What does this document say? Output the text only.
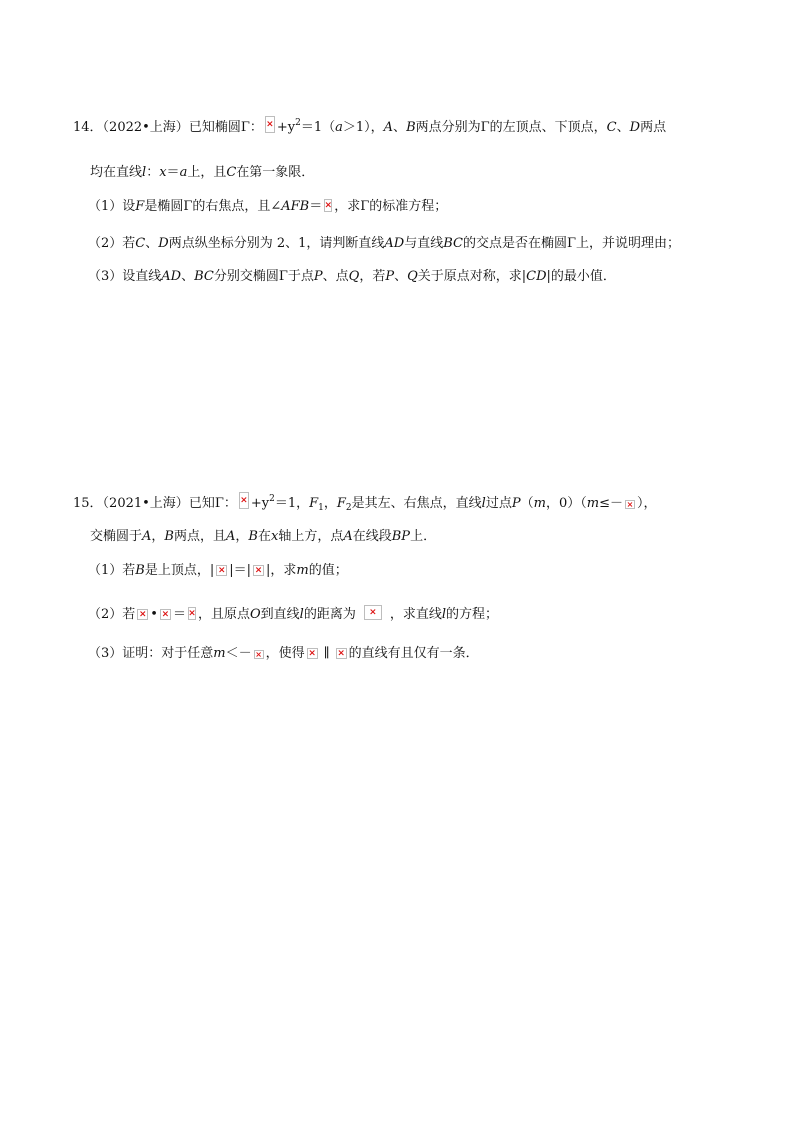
14．（2022•上海）已知椭圆Γ： × $+y^2=1(a>1)$，A、B两点分别为Γ的左顶点、下顶点，C、D两点
均在直线l：x＝a上，且C在第一象限．
（1）设F是椭圆Γ的右焦点，且∠AFB＝ × ，求Γ的标准方程；
（2）若C、D两点纵坐标分别为 2、1，请判断直线AD与直线BC的交点是否在椭圆Γ上，并说明理由；
（3）设直线AD、BC分别交椭圆Γ于点P、点Q，若P、Q关于原点对称，求|CD|的最小值．
15．（2021•上海）已知Γ： × $+y^2=1$，$F_1$，$F_2$是其左、右焦点，直线l过点P（m，0）（m≤－ × ），
交椭圆于A，B两点，且A，B在x轴上方，点A在线段BP上．
（1）若B是上顶点，| × |＝| × |，求m的值；
（2）若 × • × ＝ × ，且原点O到直线l的距离为 ×	，求直线l的方程；
（3）证明：对于任意m＜－ × ，使得 × ∥ × 的直线有且仅有一条．
